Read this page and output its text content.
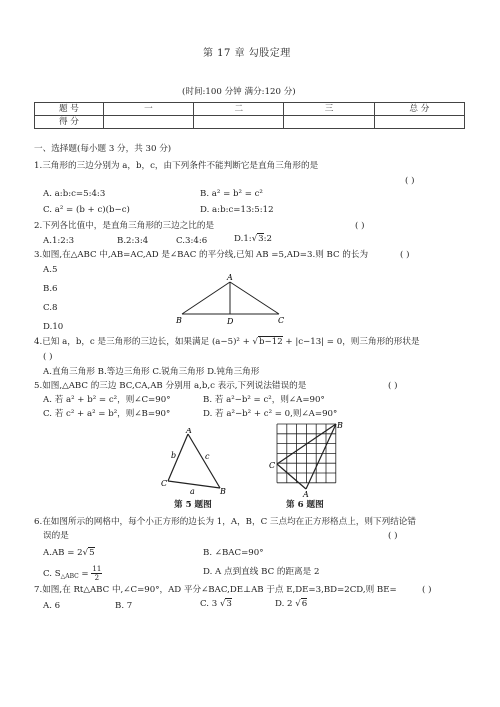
第 17 章 勾股定理
(时间:100 分钟 满分:120 分)
题 号	一	二	三	总 分
得 分				
一、选择题(每小题 3 分，共 30 分)
1.三角形的三边分别为 a，b，c，由下列条件不能判断它是直角三角形的是
( )
A. a:b:c=5:4:3	B. a² = b² = c²
C. a² = (b + c)(b−c)	D. a:b:c=13:5:12
2.下列各比值中，是直角三角形的三边之比的是	( )
A.1:2:3	B.2:3:4	C.3:4:6	D.1:√3:2
3.如图,在△ABC 中,AB=AC,AD 是∠BAC 的平分线,已知 AB =5,AD=3.则 BC 的长为	( )
A.5
B.6
C.8
D.10
A
B	D	C
4.已知 a，b，c 是三角形的三边长，如果满足 (a−5)² + √b−12 + |c−13| = 0，则三角形的形状是
( )
A.直角三角形 B.等边三角形 C.锐角三角形 D.钝角三角形
5.如图,△ABC 的三边 BC,CA,AB 分别用 a,b,c 表示,下列说法错误的是	( )
A. 若 a² + b² = c²，则∠C=90°	B. 若 a²−b² = c²，则∠A=90°
C. 若 c² + a² = b²，则∠B=90°	D. 若 a²−b² + c² = 0,则∠A=90°
A
C
B
b	c
a
第 5 题图
B
C
A
第 6 题图
6.在如图所示的网格中，每个小正方形的边长为 1，A，B，C 三点均在正方形格点上，则下列结论错
误的是	( )
A.AB = 2√5	B. ∠BAC=90°
C. $S_{\triangle ABC} = \frac{11}{2}$	D. A 点到直线 BC 的距离是 2
7.如图,在 Rt△ABC 中,∠C=90°，AD 平分∠BAC,DE⊥AB 于点 E,DE=3,BD=2CD,则 BE=	( )
A. 6	B. 7	C. 3 √3	D. 2 √6
